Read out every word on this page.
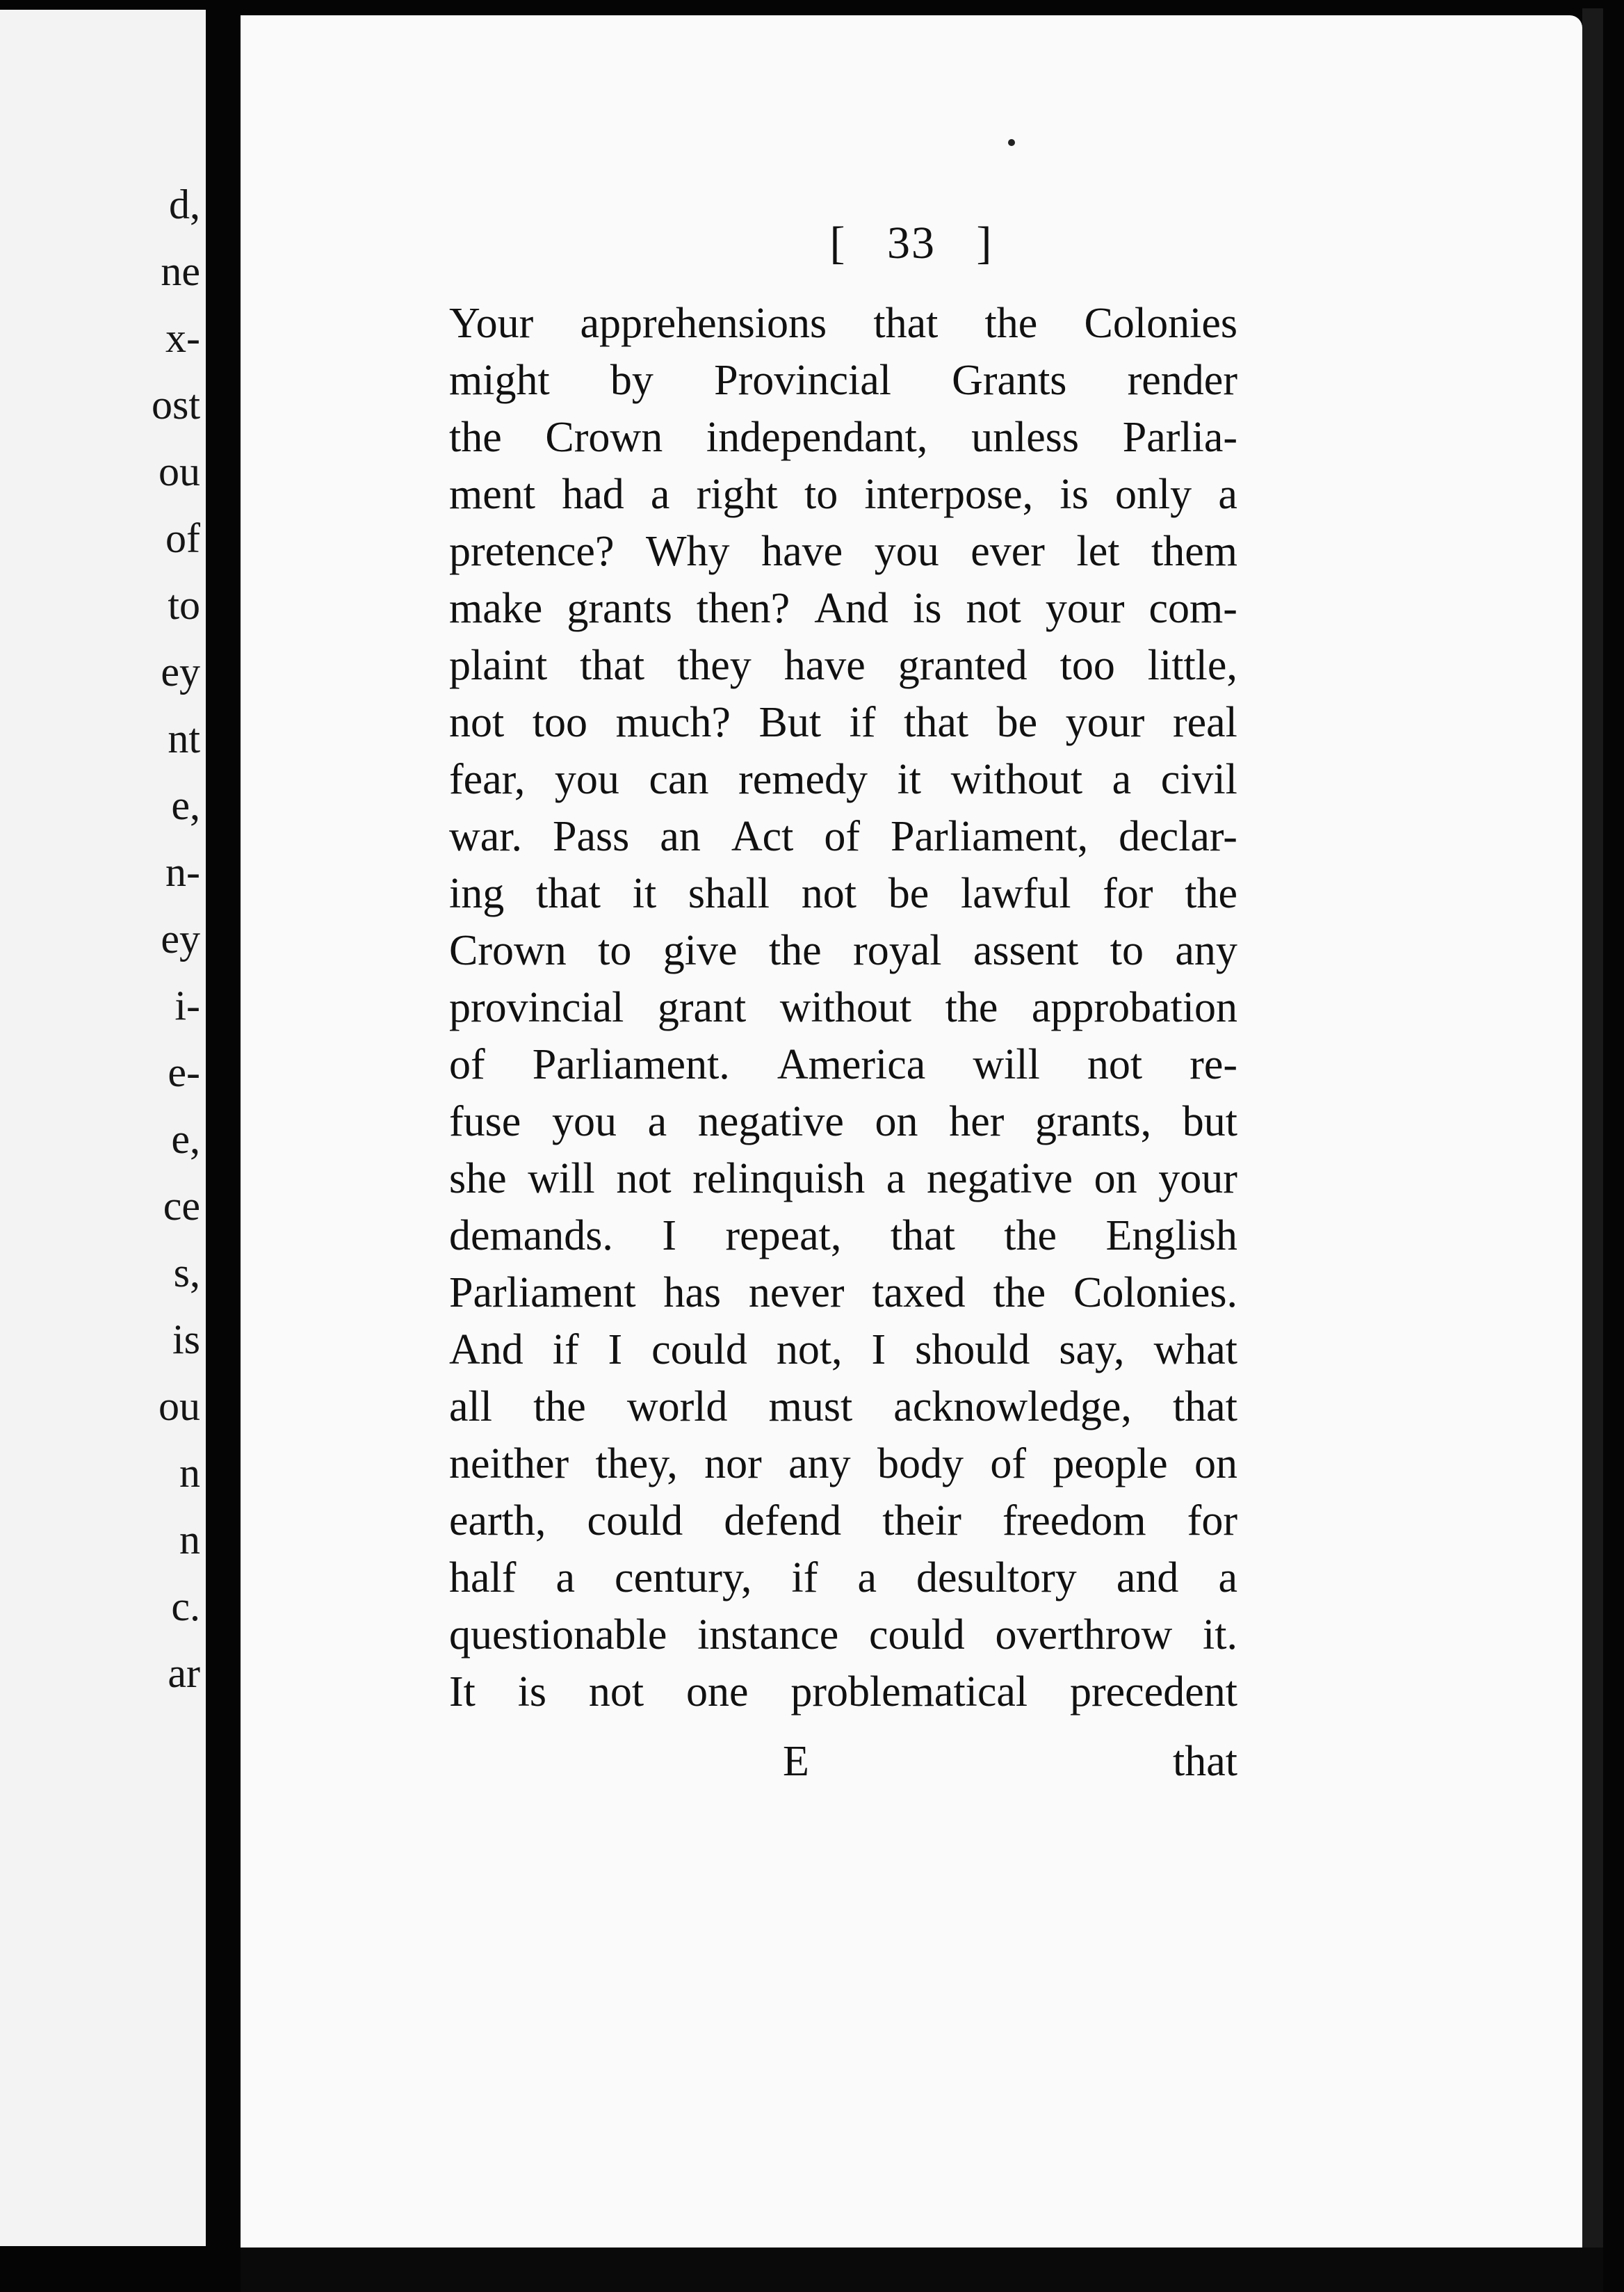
d,
ne
x-
ost
ou
of
to
ey
nt
e,
n-
ey
i-
e-
e,
ce
s,
is
ou
n
n
c.
ar
[ 33 ]
Your apprehensions that the Colonies
might by Provincial Grants render
the Crown independant, unless Parlia-
ment had a right to interpose, is only a
pretence? Why have you ever let them
make grants then? And is not your com-
plaint that they have granted too little,
not too much? But if that be your real
fear, you can remedy it without a civil
war. Pass an Act of Parliament, declar-
ing that it shall not be lawful for the
Crown to give the royal assent to any
provincial grant without the approbation
of Parliament. America will not re-
fuse you a negative on her grants, but
she will not relinquish a negative on your
demands. I repeat, that the English
Parliament has never taxed the Colonies.
And if I could not, I should say, what
all the world must acknowledge, that
neither they, nor any body of people on
earth, could defend their freedom for
half a century, if a desultory and a
questionable instance could overthrow it.
It is not one problematical precedent
E	that
